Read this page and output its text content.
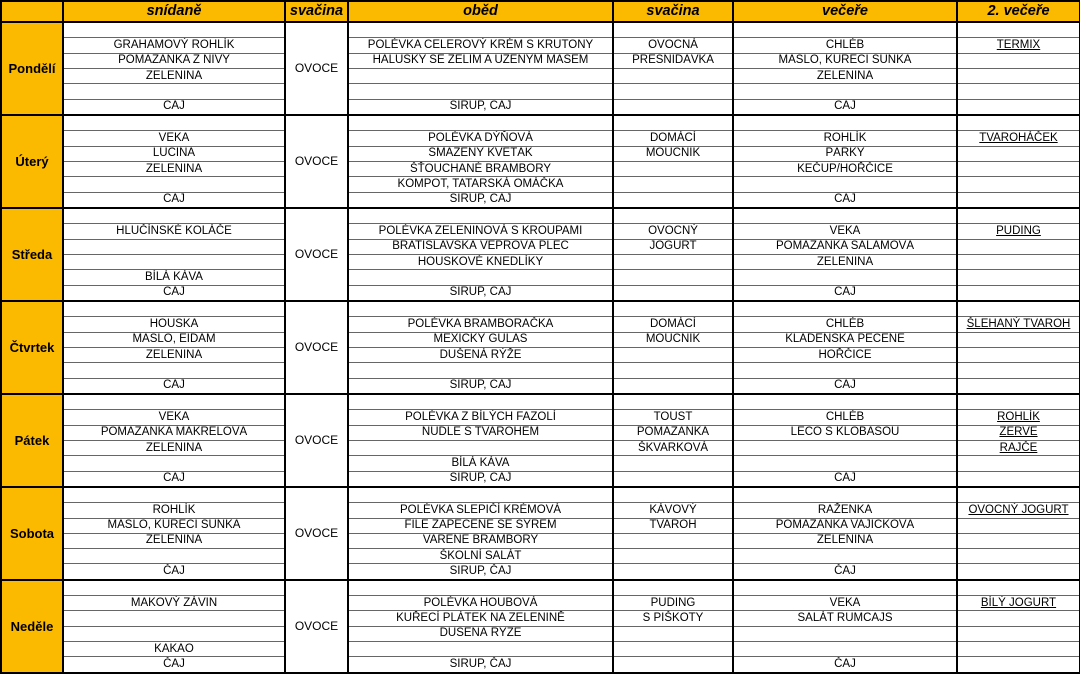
	snídaně	svačina	oběd	svačina	večeře	2. večeře
Pondělí		OVOCE				
	GRAHAMOVÝ ROHLÍK		POLÉVKA CELEROVÝ KRÉM S KRUTONY	OVOCNÁ	CHLÉB	TERMIX
	POMAZÁNKA Z NIVY		HALUŠKY SE ZELÍM A UZENÝM MASEM	PŘESNÍDÁVKA	MÁSLO, KUŘECÍ ŠUNKA	
	ZELENINA				ZELENINA	

	ČAJ		SIRUP, ČAJ		ČAJ	
Úterý		OVOCE				
	VEKA		POLÉVKA DÝŇOVÁ	DOMÁCÍ	ROHLÍK	TVAROHÁČEK
	LUČINA		SMAŽENÝ KVĚTÁK	MOUČNÍK	PÁRKY	
	ZELENINA		ŠŤOUCHANÉ BRAMBORY		KEČUP/HOŘČICE	
			KOMPOT, TATARSKÁ OMÁČKA			
	ČAJ		SIRUP, ČAJ		ČAJ	
Středa		OVOCE				
	HLUČÍNSKÉ KOLÁČE		POLÉVKA ZELENINOVÁ S KROUPAMI	OVOCNÝ	VEKA	PUDING
			BRATISLAVSKÁ VEPŘOVÁ PLEC	JOGURT	POMAZÁNKA SALÁMOVÁ	
			HOUSKOVÉ KNEDLÍKY		ZELENINA	
	BÍLÁ KÁVA					
	ČAJ		SIRUP, ČAJ		ČAJ	
Čtvrtek		OVOCE				
	HOUSKA		POLÉVKA BRAMBORAČKA	DOMÁCÍ	CHLÉB	ŠLEHANÝ TVAROH
	MÁSLO, EIDAM		MEXICKÝ GULÁŠ	MOUČNÍK	KLADENSKÁ PEČENĚ	
	ZELENINA		DUŠENÁ RÝŽE		HOŘČICE	

	ČAJ		SIRUP, ČAJ		ČAJ	
Pátek		OVOCE				
	VEKA		POLÉVKA Z BÍLÝCH FAZOLÍ	TOUST	CHLÉB	ROHLÍK
	POMAZÁNKA MAKRELOVÁ		NUDLE S TVAROHEM	POMAZÁNKA	LEČO S KLOBÁSOU	ŽERVÉ
	ZELENINA			ŠKVARKOVÁ		RAJČE
			BÍLÁ KÁVA			
	ČAJ		SIRUP, ČAJ		ČAJ	
Sobota		OVOCE				
	ROHLÍK		POLÉVKA SLEPIČÍ KRÉMOVÁ	KÁVOVÝ	RAŽENKA	OVOCNÝ JOGURT
	MÁSLO, KUŘECÍ ŠUNKA		FILÉ ZAPEČENÉ SE SÝREM	TVAROH	POMAZÁNKA VAJÍČKOVÁ	
	ZELENINA		VAŘENÉ BRAMBORY		ZELENINA	
			ŠKOLNÍ SALÁT			
	ČAJ		SIRUP, ČAJ		ČAJ	
Neděle		OVOCE				
	MAKOVÝ ZÁVIN		POLÉVKA HOUBOVÁ	PUDING	VEKA	BÍLÝ JOGURT
			KUŘECÍ PLÁTEK NA ZELENINĚ	S PIŠKOTY	SALÁT RUMCAJS	
			DUŠENÁ RÝŽE			
	KAKAO					
	ČAJ		SIRUP, ČAJ		ČAJ	
